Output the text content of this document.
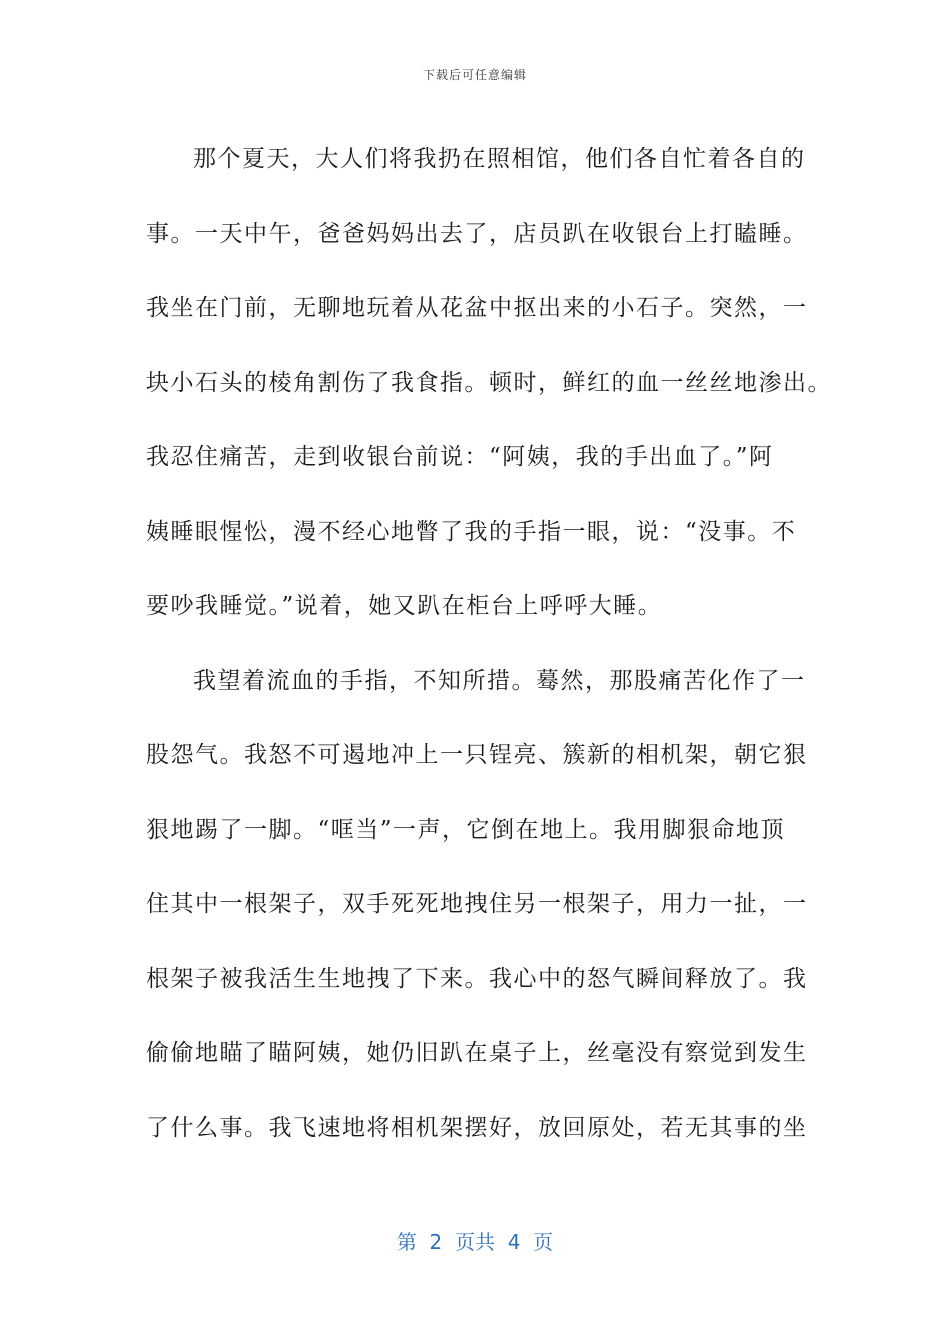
下载后可任意编辑
那个夏天，大人们将我扔在照相馆，他们各自忙着各自的
事。一天中午，爸爸妈妈出去了，店员趴在收银台上打瞌睡。
我坐在门前，无聊地玩着从花盆中抠出来的小石子。突然，一
块小石头的棱角割伤了我食指。顿时，鲜红的血一丝丝地渗出。
我忍住痛苦，走到收银台前说：“阿姨，我的手出血了。”阿
姨睡眼惺忪，漫不经心地瞥了我的手指一眼，说：“没事。不
要吵我睡觉。”说着，她又趴在柜台上呼呼大睡。
我望着流血的手指，不知所措。蓦然，那股痛苦化作了一
股怨气。我怒不可遏地冲上一只锃亮、簇新的相机架，朝它狠
狠地踢了一脚。“哐当”一声，它倒在地上。我用脚狠命地顶
住其中一根架子，双手死死地拽住另一根架子，用力一扯，一
根架子被我活生生地拽了下来。我心中的怒气瞬间释放了。我
偷偷地瞄了瞄阿姨，她仍旧趴在桌子上，丝毫没有察觉到发生
了什么事。我飞速地将相机架摆好，放回原处，若无其事的坐
第  2  页共  4  页
